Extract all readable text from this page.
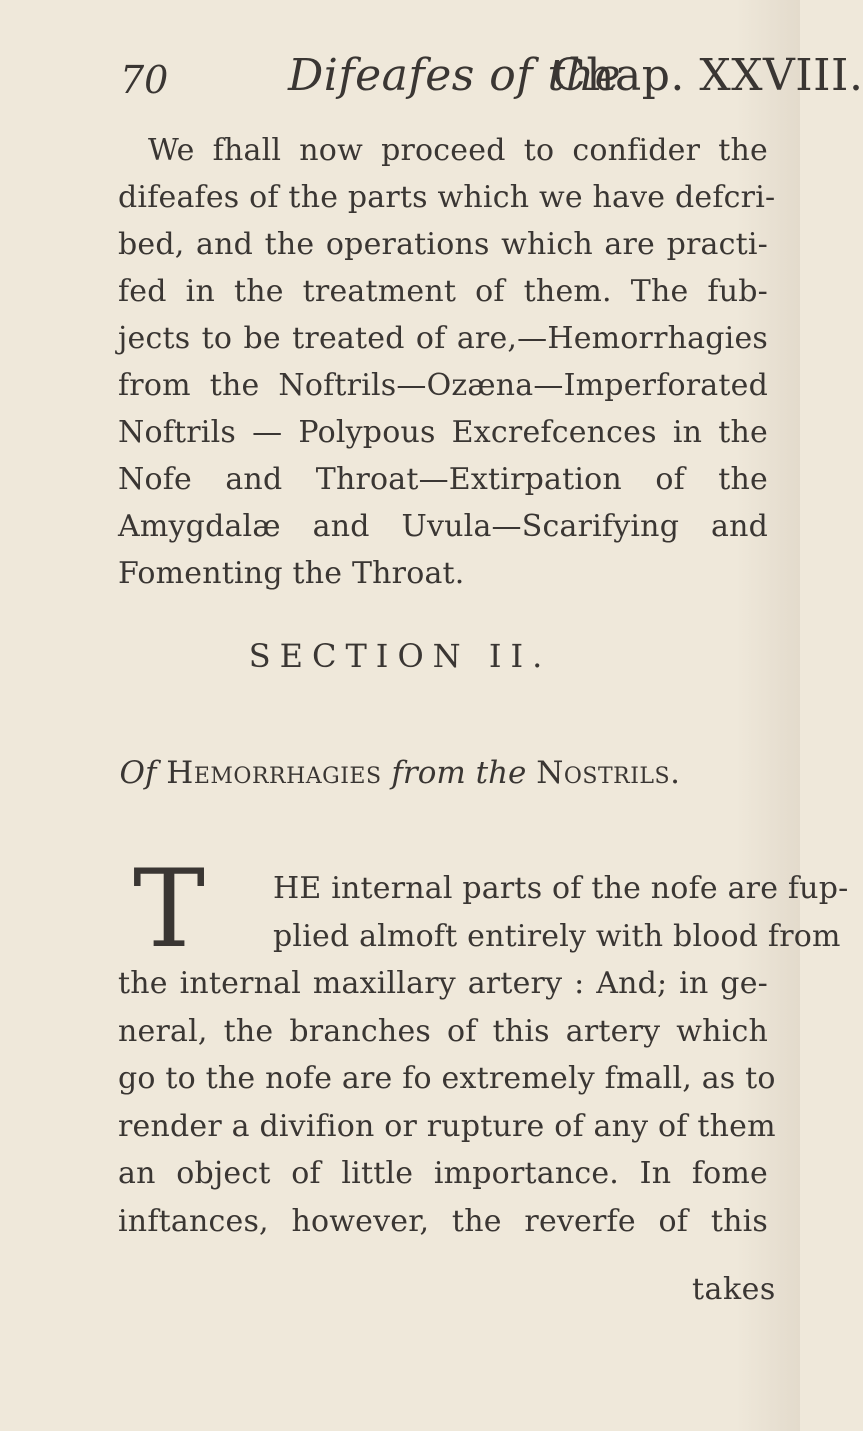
70	Difeafes of the
Chap. XXVIII.
We fhall now proceed to confider the
difeafes of the parts which we have defcri-
bed, and the operations which are practi-
fed in the treatment of them. The fub-
jects to be treated of are,—Hemorrhagies
from the Noftrils—Ozæna—Imperforated
Noftrils — Polypous Excrefcences in the
Nofe and Throat—Extirpation of the
Amygdalæ and Uvula—Scarifying and
Fomenting the Throat.
SECTION II.
Of Hemorrhagies from the Nostrils.
T	HE internal parts of the nofe are fup-
plied almoft entirely with blood from
the internal maxillary artery : And; in ge-
neral, the branches of this artery which
go to the nofe are fo extremely fmall, as to
render a divifion or rupture of any of them
an object of little importance. In fome
inftances, however, the reverfe of this
takes
